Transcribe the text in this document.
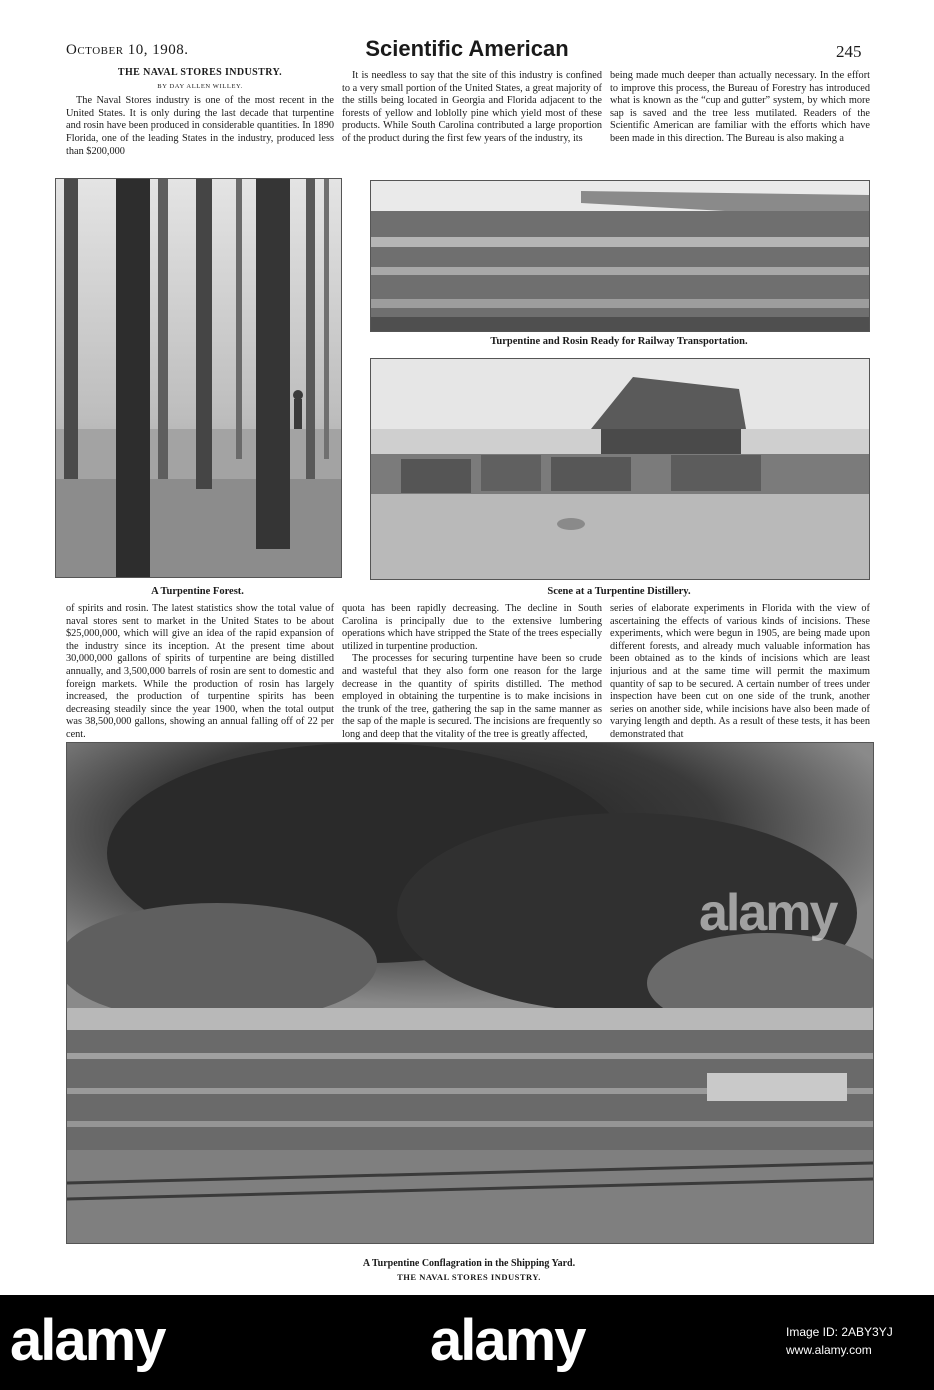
October 10, 1908.	Scientific American	245
THE NAVAL STORES INDUSTRY.
BY DAY ALLEN WILLEY.

The Naval Stores industry is one of the most recent in the United States. It is only during the last decade that turpentine and rosin have been produced in considerable quantities. In 1890 Florida, one of the leading States in the industry, produced less than $200,000

It is needless to say that the site of this industry is confined to a very small portion of the United States, a great majority of the stills being located in Georgia and Florida adjacent to the forests of yellow and loblolly pine which yield most of these products. While South Carolina contributed a large proportion of the product during the first few years of the industry, its

being made much deeper than actually necessary. In the effort to improve this process, the Bureau of Forestry has introduced what is known as the “cup and gutter” system, by which more sap is saved and the tree less mutilated. Readers of the Scientific American are familiar with the efforts which have been made in this direction. The Bureau is also making a

Turpentine and Rosin Ready for Railway Transportation.
A Turpentine Forest.	Scene at a Turpentine Distillery.

of spirits and rosin. The latest statistics show the total value of naval stores sent to market in the United States to be about $25,000,000, which will give an idea of the rapid expansion of the industry since its inception. At the present time about 30,000,000 gallons of spirits of turpentine are being distilled annually, and 3,500,000 barrels of rosin are sent to domestic and foreign markets. While the production of rosin has largely increased, the production of turpentine spirits has been decreasing steadily since the year 1900, when the total output was 38,500,000 gallons, showing an annual falling off of 22 per cent.

quota has been rapidly decreasing. The decline in South Carolina is principally due to the extensive lumbering operations which have stripped the State of the trees especially utilized in turpentine production.

The processes for securing turpentine have been so crude and wasteful that they also form one reason for the large decrease in the quantity of spirits distilled. The method employed in obtaining the turpentine is to make incisions in the trunk of the tree, gathering the sap in the same manner as the sap of the maple is secured. The incisions are frequently so long and deep that the vitality of the tree is greatly affected,

series of elaborate experiments in Florida with the view of ascertaining the effects of various kinds of incisions. These experiments, which were begun in 1905, are being made upon different forests, and already much valuable information has been obtained as to the kinds of incisions which are least injurious and at the same time will permit the maximum quantity of sap to be secured. A certain number of trees under inspection have been cut on one side of the trunk, another series on another side, while incisions have also been made of varying length and depth. As a result of these tests, it has been demonstrated that

alamy
A Turpentine Conflagration in the Shipping Yard.
THE NAVAL STORES INDUSTRY.
alamy	alamy	Image ID: 2ABY3YJ
www.alamy.com
